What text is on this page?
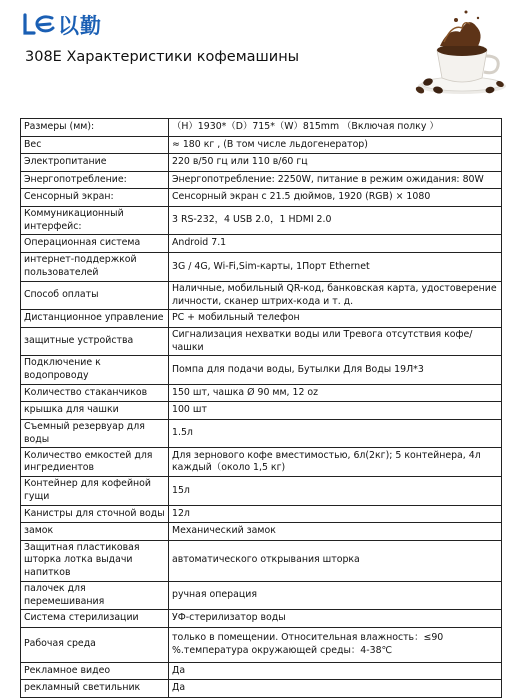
以勤
308E Характеристики кофемашины
Размеры (мм):	（H）1930*（D）715*（W）815mm （Включая полку ）
Вес	≈ 180 кг , (В том числе льдогенератор)
Электропитание	220 в/50 гц или 110 в/60 гц
Энергопотребление:	Энергопотребление: 2250W, питание в режим ожидания: 80W
Сенсорный экран:	Сенсорный экран с 21.5 дюймов, 1920 (RGB) × 1080
Коммуникационный интерфейс:	3 RS-232，4 USB 2.0，1 HDMI 2.0
Операционная система	Android 7.1
интернет-поддержкой пользователей	3G / 4G, Wi-Fi,Sim-карты, 1Порт Ethernet
Способ оплаты	Наличные, мобильный QR-код, банковская карта, удостоверение личности, сканер штрих-кода и т. д.
Дистанционное управление	PC + мобильный телефон
защитные устройства	Сигнализация нехватки воды или Тревога отсутствия кофе/чашки
Подключение к водопроводу	Помпа для подачи воды, Бутылки Для Воды 19Л*3
Количество стаканчиков	150 шт, чашка Ø 90 мм, 12 oz
крышка для чашки	100 шт
Съемный резервуар для воды	1.5л
Количество емкостей для ингредиентов	Для зернового кофе вместимостью, 6л(2кг); 5 контейнера, 4л каждый（около 1,5 кг)
Контейнер для кофейной гущи	15л
Канистры для сточной воды	12л
замок	Механический замок
Защитная пластиковая шторка лотка выдачи напитков	автоматического открывания шторка
палочек для перемешивания	ручная операция
Система стерилизации	УФ-стерилизатор воды
Рабочая среда	только в помещении. Относительная влажность：≤90 %.температура окружающей среды：4-38℃
Рекламное видео	Да
рекламный светильник	Да
